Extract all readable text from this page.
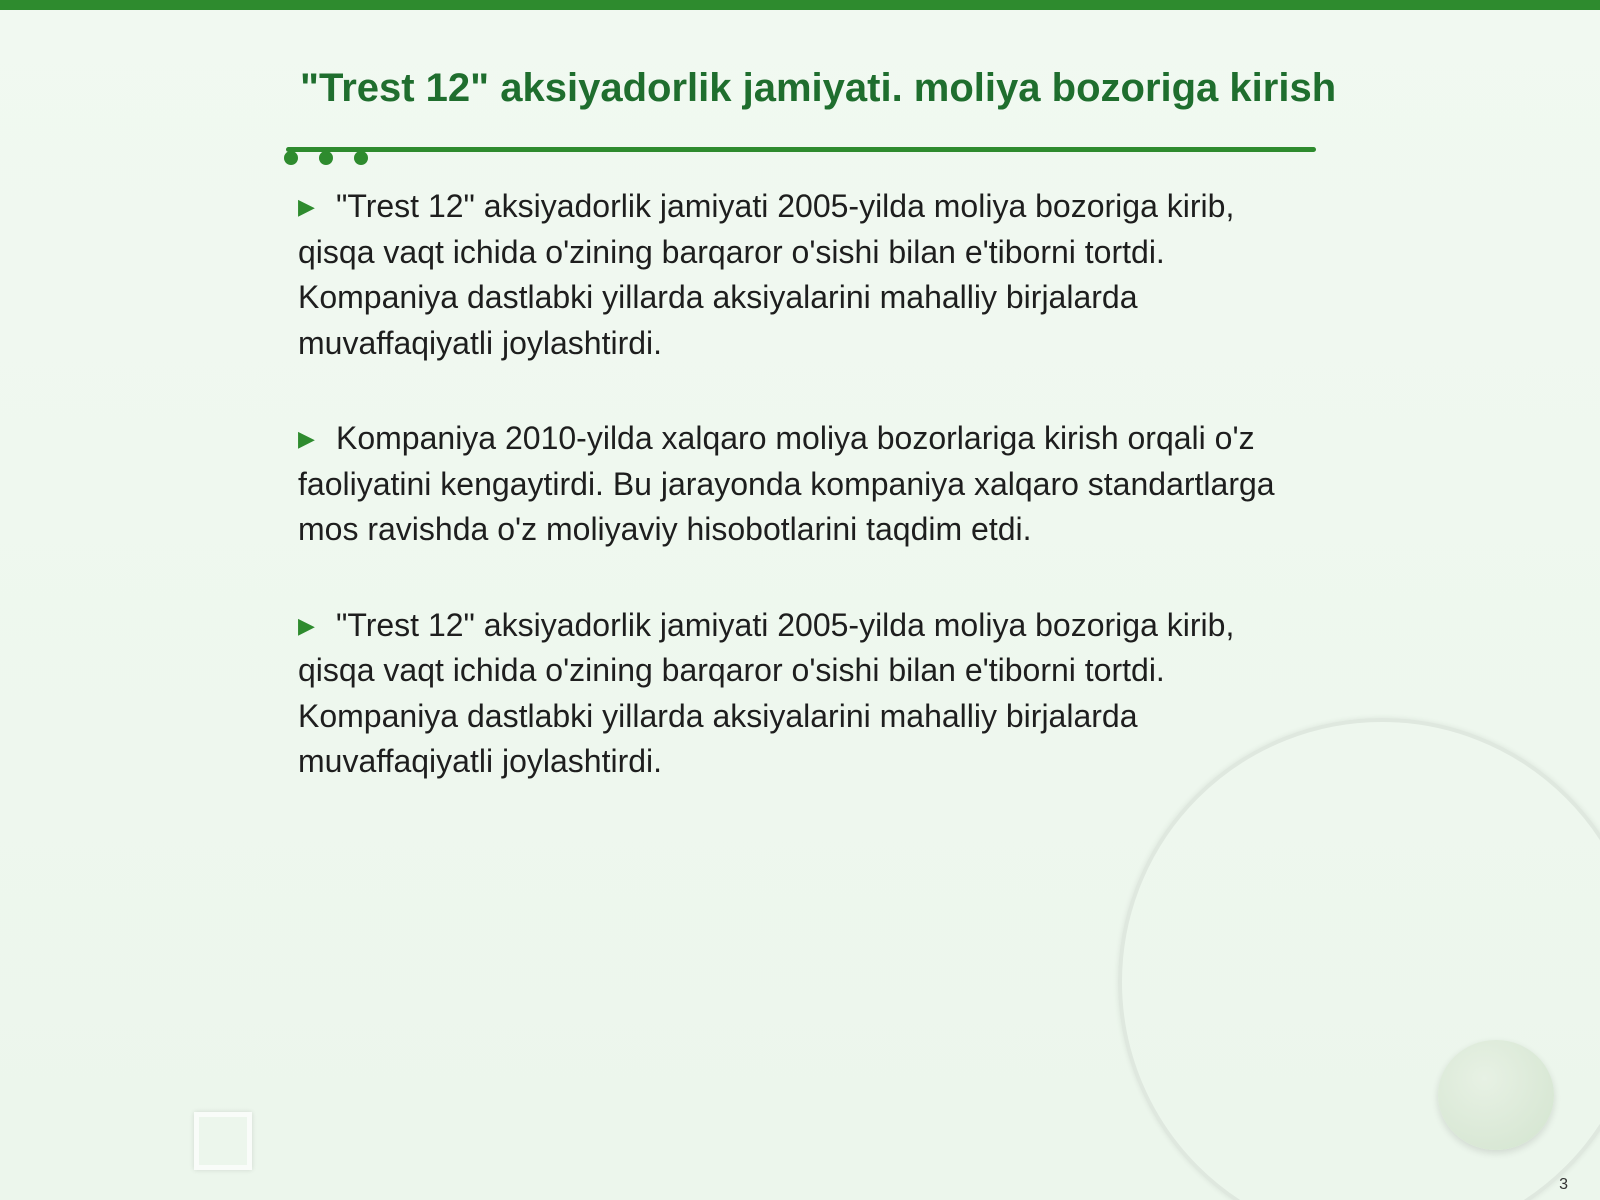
"Trest 12" aksiyadorlik jamiyati. moliya bozoriga kirish
▶ "Trest 12" aksiyadorlik jamiyati 2005-yilda moliya bozoriga kirib, qisqa vaqt ichida o'zining barqaror o'sishi bilan e'tiborni tortdi. Kompaniya dastlabki yillarda aksiyalarini mahalliy birjalarda muvaffaqiyatli joylashtirdi.
▶ Kompaniya 2010-yilda xalqaro moliya bozorlariga kirish orqali o'z faoliyatini kengaytirdi. Bu jarayonda kompaniya xalqaro standartlarga mos ravishda o'z moliyaviy hisobotlarini taqdim etdi.
▶ "Trest 12" aksiyadorlik jamiyati 2005-yilda moliya bozoriga kirib, qisqa vaqt ichida o'zining barqaror o'sishi bilan e'tiborni tortdi. Kompaniya dastlabki yillarda aksiyalarini mahalliy birjalarda muvaffaqiyatli joylashtirdi.
3
